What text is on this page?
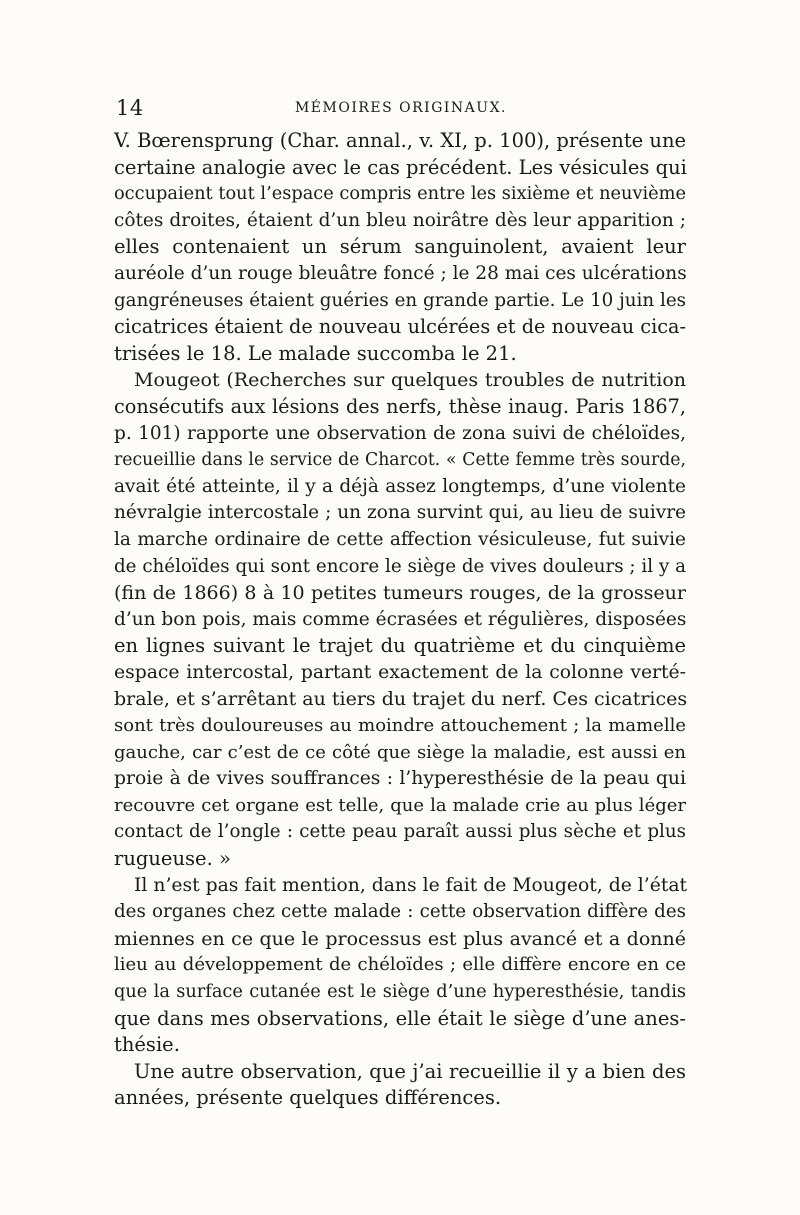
14	MÉMOIRES ORIGINAUX.
V. Bœrensprung (Char. annal., v. XI, p. 100), présente une
certaine analogie avec le cas précédent. Les vésicules qui
occupaient tout l’espace compris entre les sixième et neuvième
côtes droites, étaient d’un bleu noirâtre dès leur apparition ;
elles contenaient un sérum sanguinolent, avaient leur
auréole d’un rouge bleuâtre foncé ; le 28 mai ces ulcérations
gangréneuses étaient guéries en grande partie. Le 10 juin les
cicatrices étaient de nouveau ulcérées et de nouveau cica-
trisées le 18. Le malade succomba le 21.
Mougeot (Recherches sur quelques troubles de nutrition
consécutifs aux lésions des nerfs, thèse inaug. Paris 1867,
p. 101) rapporte une observation de zona suivi de chéloïdes,
recueillie dans le service de Charcot. « Cette femme très sourde,
avait été atteinte, il y a déjà assez longtemps, d’une violente
névralgie intercostale ; un zona survint qui, au lieu de suivre
la marche ordinaire de cette affection vésiculeuse, fut suivie
de chéloïdes qui sont encore le siège de vives douleurs ; il y a
(fin de 1866) 8 à 10 petites tumeurs rouges, de la grosseur
d’un bon pois, mais comme écrasées et régulières, disposées
en lignes suivant le trajet du quatrième et du cinquième
espace intercostal, partant exactement de la colonne verté-
brale, et s’arrêtant au tiers du trajet du nerf. Ces cicatrices
sont très douloureuses au moindre attouchement ; la mamelle
gauche, car c’est de ce côté que siège la maladie, est aussi en
proie à de vives souffrances : l’hyperesthésie de la peau qui
recouvre cet organe est telle, que la malade crie au plus léger
contact de l’ongle : cette peau paraît aussi plus sèche et plus
rugueuse. »
Il n’est pas fait mention, dans le fait de Mougeot, de l’état
des organes chez cette malade : cette observation diffère des
miennes en ce que le processus est plus avancé et a donné
lieu au développement de chéloïdes ; elle diffère encore en ce
que la surface cutanée est le siège d’une hyperesthésie, tandis
que dans mes observations, elle était le siège d’une anes-
thésie.
Une autre observation, que j’ai recueillie il y a bien des
années, présente quelques différences.
